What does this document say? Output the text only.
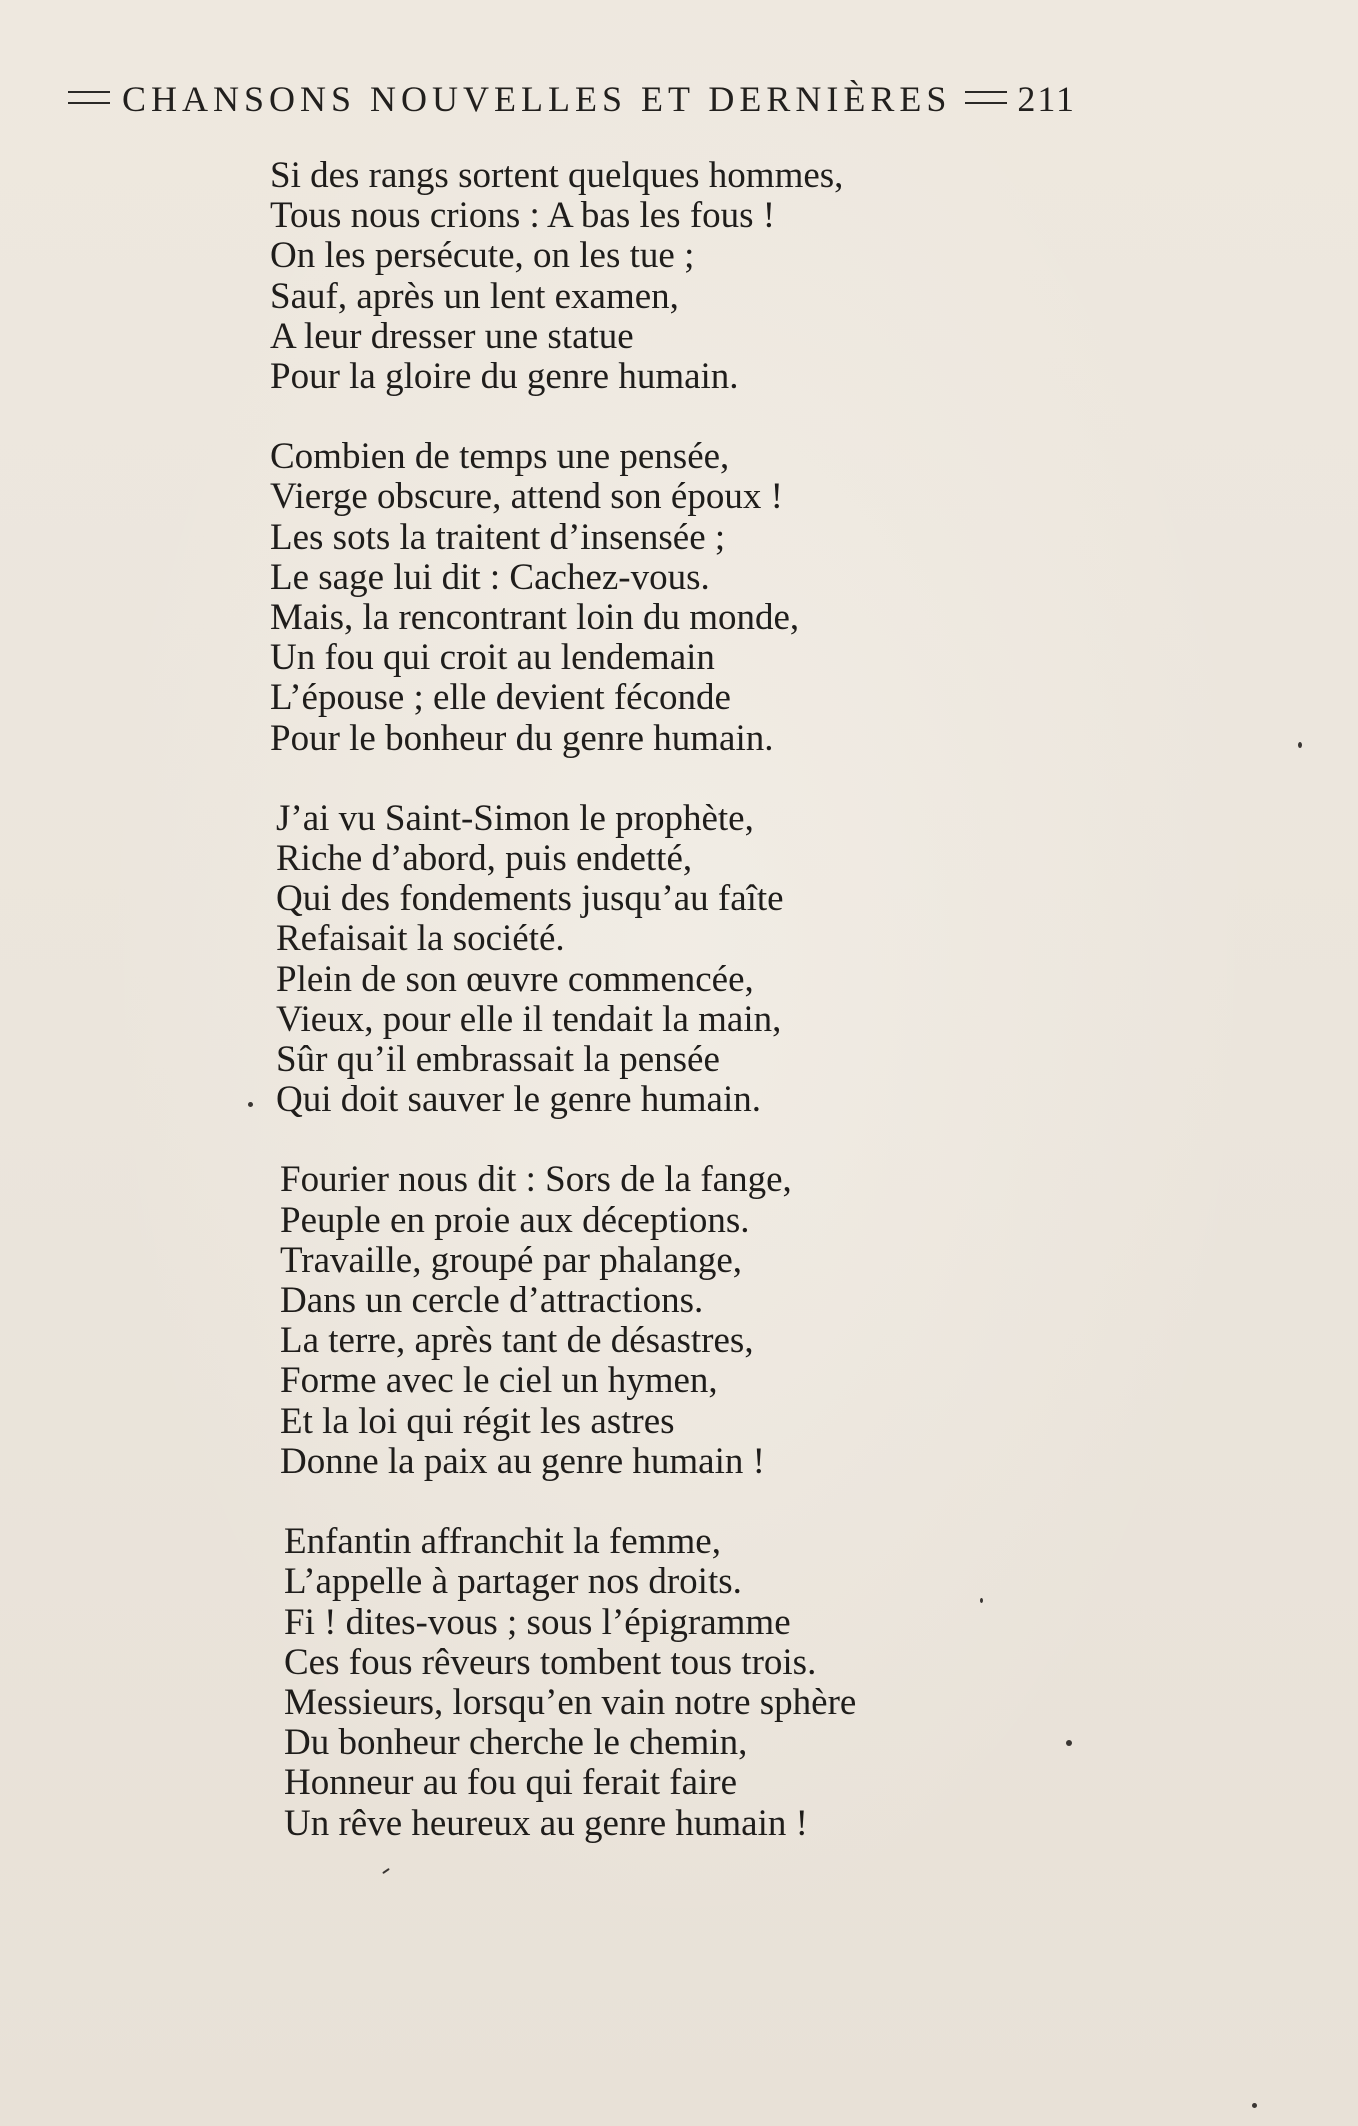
CHANSONS NOUVELLES ET DERNIÈRES 211
Si des rangs sortent quelques hommes,
Tous nous crions : A bas les fous !
On les persécute, on les tue ;
Sauf, après un lent examen,
A leur dresser une statue
Pour la gloire du genre humain.
Combien de temps une pensée,
Vierge obscure, attend son époux !
Les sots la traitent d’insensée ;
Le sage lui dit : Cachez-vous.
Mais, la rencontrant loin du monde,
Un fou qui croit au lendemain
L’épouse ; elle devient féconde
Pour le bonheur du genre humain.
J’ai vu Saint-Simon le prophète,
Riche d’abord, puis endetté,
Qui des fondements jusqu’au faîte
Refaisait la société.
Plein de son œuvre commencée,
Vieux, pour elle il tendait la main,
Sûr qu’il embrassait la pensée
Qui doit sauver le genre humain.
Fourier nous dit : Sors de la fange,
Peuple en proie aux déceptions.
Travaille, groupé par phalange,
Dans un cercle d’attractions.
La terre, après tant de désastres,
Forme avec le ciel un hymen,
Et la loi qui régit les astres
Donne la paix au genre humain !
Enfantin affranchit la femme,
L’appelle à partager nos droits.
Fi ! dites-vous ; sous l’épigramme
Ces fous rêveurs tombent tous trois.
Messieurs, lorsqu’en vain notre sphère
Du bonheur cherche le chemin,
Honneur au fou qui ferait faire
Un rêve heureux au genre humain !
